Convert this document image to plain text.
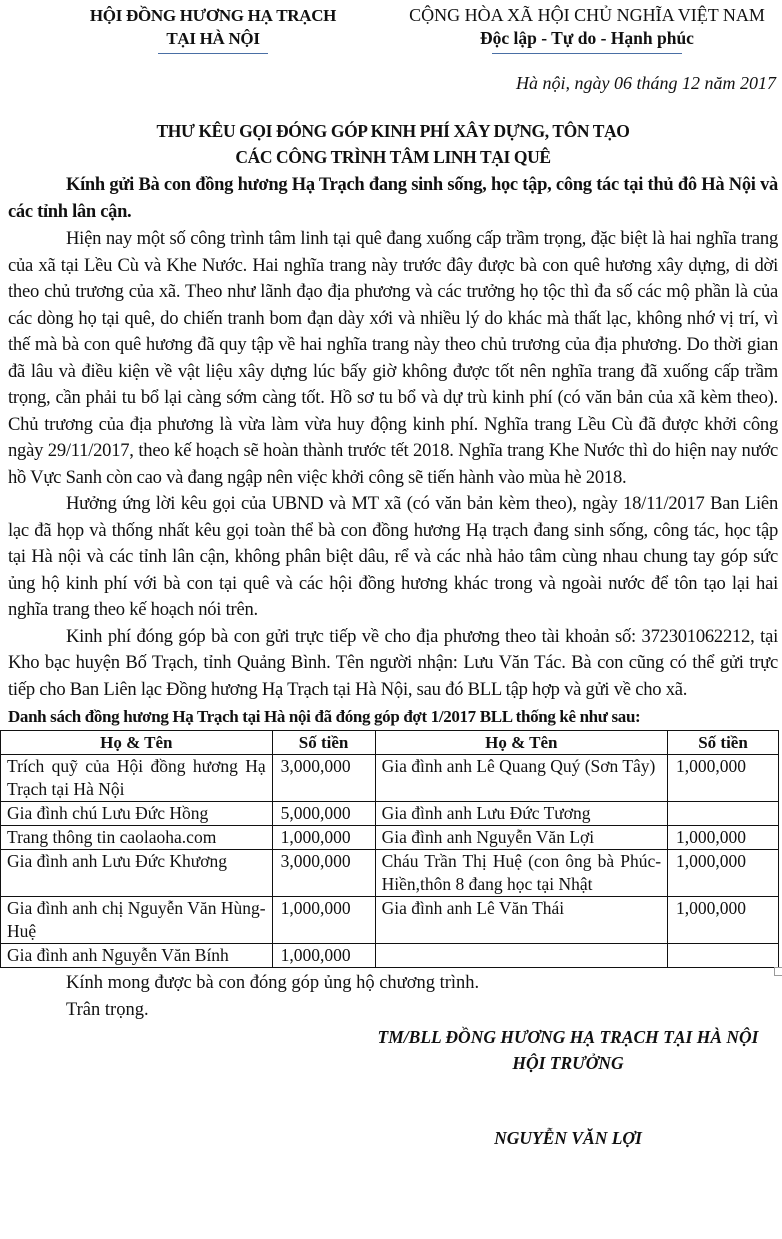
HỘI ĐỒNG HƯƠNG HẠ TRẠCH
TẠI HÀ NỘI
CỘNG HÒA XÃ HỘI CHỦ NGHĨA VIỆT NAM
Độc lập - Tự do - Hạnh phúc
Hà nội, ngày 06 tháng 12 năm 2017
THƯ KÊU GỌI ĐÓNG GÓP KINH PHÍ XÂY DỰNG, TÔN TẠO
CÁC CÔNG TRÌNH TÂM LINH TẠI QUÊ
Kính gửi Bà con đồng hương Hạ Trạch đang sinh sống, học tập, công tác tại thủ đô Hà Nội và các tỉnh lân cận.

Hiện nay một số công trình tâm linh tại quê đang xuống cấp trầm trọng, đặc biệt là hai nghĩa trang của xã tại Lều Cù và Khe Nước. Hai nghĩa trang này trước đây được bà con quê hương xây dựng, di dời theo chủ trương của xã. Theo như lãnh đạo địa phương và các trưởng họ tộc thì đa số các mộ phần là của các dòng họ tại quê, do chiến tranh bom đạn dày xới và nhiều lý do khác mà thất lạc, không nhớ vị trí, vì thế mà bà con quê hương đã quy tập về hai nghĩa trang này theo chủ trương của địa phương. Do thời gian đã lâu và điều kiện về vật liệu xây dựng lúc bấy giờ không được tốt nên nghĩa trang đã xuống cấp trầm trọng, cần phải tu bổ lại càng sớm càng tốt. Hồ sơ tu bổ và dự trù kinh phí (có văn bản của xã kèm theo). Chủ trương của địa phương là vừa làm vừa huy động kinh phí. Nghĩa trang Lều Cù đã được khởi công ngày 29/11/2017, theo kế hoạch sẽ hoàn thành trước tết 2018. Nghĩa trang Khe Nước thì do hiện nay nước hồ Vực Sanh còn cao và đang ngập nên việc khởi công sẽ tiến hành vào mùa hè 2018.

Hưởng ứng lời kêu gọi của UBND và MT xã (có văn bản kèm theo), ngày 18/11/2017 Ban Liên lạc đã họp và thống nhất kêu gọi toàn thể bà con đồng hương Hạ trạch đang sinh sống, công tác, học tập tại Hà nội và các tỉnh lân cận, không phân biệt dâu, rể và các nhà hảo tâm cùng nhau chung tay góp sức ủng hộ kinh phí với bà con tại quê và các hội đồng hương khác trong và ngoài nước để tôn tạo lại hai nghĩa trang theo kế hoạch nói trên.

Kinh phí đóng góp bà con gửi trực tiếp về cho địa phương theo tài khoản số: 372301062212, tại Kho bạc huyện Bố Trạch, tỉnh Quảng Bình. Tên người nhận: Lưu Văn Tác. Bà con cũng có thể gửi trực tiếp cho Ban Liên lạc Đồng hương Hạ Trạch tại Hà Nội, sau đó BLL tập hợp và gửi về cho xã.

Danh sách đồng hương Hạ Trạch tại Hà nội đã đóng góp đợt 1/2017 BLL thống kê như sau:
Họ & Tên	Số tiền	Họ & Tên	Số tiền
Trích quỹ của Hội đồng hương Hạ Trạch tại Hà Nội	3,000,000	Gia đình anh Lê Quang Quý (Sơn Tây)	1,000,000
Gia đình chú Lưu Đức Hồng	5,000,000	Gia đình anh Lưu Đức Tương	
Trang thông tin caolaoha.com	1,000,000	Gia đình anh Nguyễn Văn Lợi	1,000,000
Gia đình anh Lưu Đức Khương	3,000,000	Cháu Trần Thị Huệ (con ông bà Phúc-Hiền,thôn 8 đang học tại Nhật	1,000,000
Gia đình anh chị Nguyễn Văn Hùng-Huệ	1,000,000	Gia đình anh Lê Văn Thái	1,000,000
Gia đình anh Nguyễn Văn Bính	1,000,000		
Kính mong được bà con đóng góp ủng hộ chương trình.
Trân trọng.
TM/BLL ĐỒNG HƯƠNG HẠ TRẠCH TẠI HÀ NỘI
HỘI TRƯỞNG
NGUYỄN VĂN LỢI
